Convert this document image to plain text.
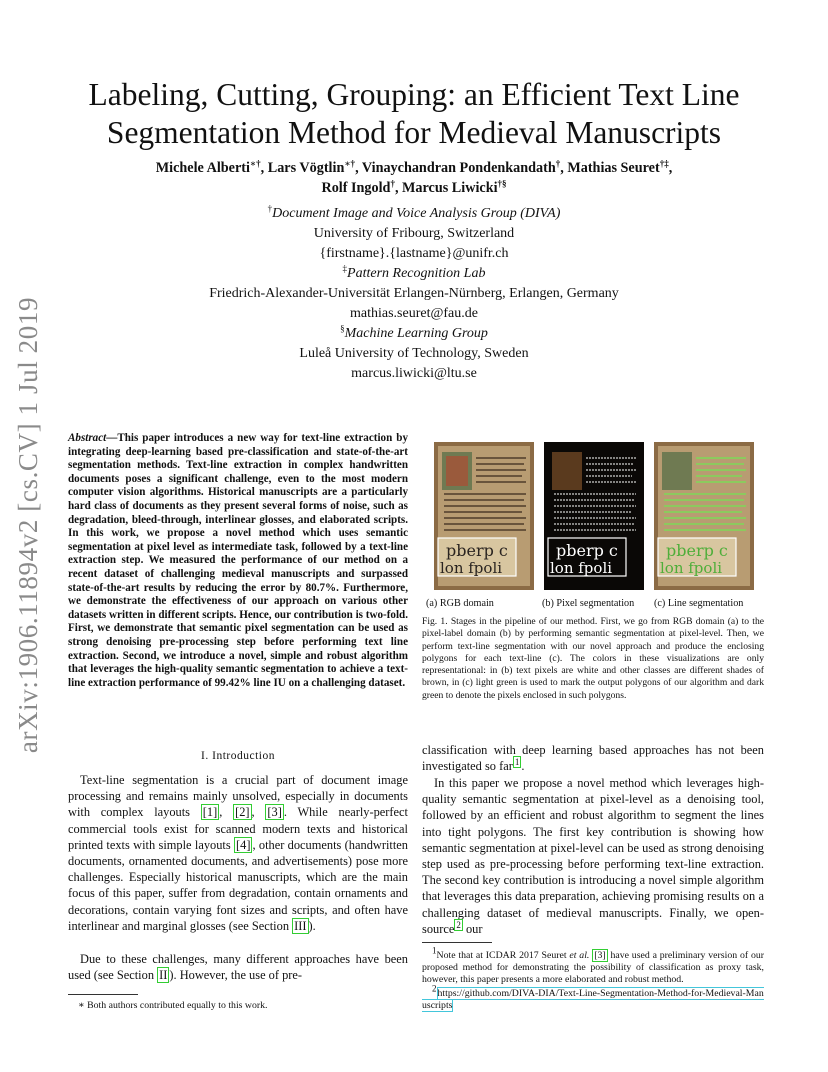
arXiv:1906.11894v2 [cs.CV] 1 Jul 2019
Labeling, Cutting, Grouping: an Efficient Text Line
Segmentation Method for Medieval Manuscripts
Michele Alberti∗†, Lars Vögtlin∗†, Vinaychandran Pondenkandath†, Mathias Seuret†‡,
Rolf Ingold†, Marcus Liwicki†§
†Document Image and Voice Analysis Group (DIVA)
University of Fribourg, Switzerland
{firstname}.{lastname}@unifr.ch
‡Pattern Recognition Lab
Friedrich-Alexander-Universität Erlangen-Nürnberg, Erlangen, Germany
mathias.seuret@fau.de
§Machine Learning Group
Luleå University of Technology, Sweden
marcus.liwicki@ltu.se
Abstract—This paper introduces a new way for text-line extraction by integrating deep-learning based pre-classification and state-of-the-art segmentation methods. Text-line extraction in complex handwritten documents poses a significant challenge, even to the most modern computer vision algorithms. Historical manuscripts are a particularly hard class of documents as they present several forms of noise, such as degradation, bleed-through, interlinear glosses, and elaborated scripts. In this work, we propose a novel method which uses semantic segmentation at pixel level as intermediate task, followed by a text-line extraction step. We measured the performance of our method on a recent dataset of challenging medieval manuscripts and surpassed state-of-the-art results by reducing the error by 80.7%. Furthermore, we demonstrate the effectiveness of our approach on various other datasets written in different scripts. Hence, our contribution is two-fold. First, we demonstrate that semantic pixel segmentation can be used as strong denoising pre-processing step before performing text line extraction. Second, we introduce a novel, simple and robust algorithm that leverages the high-quality semantic segmentation to achieve a text-line extraction performance of 99.42% line IU on a challenging dataset.
pberp c
lon fpoli
pberp c
lon fpoli
pberp c
lon fpoli
(a) RGB domain	(b) Pixel segmentation (c) Line segmentation
Fig. 1. Stages in the pipeline of our method. First, we go from RGB domain (a) to the pixel-label domain (b) by performing semantic segmentation at pixel-level. Then, we perform text-line segmentation with our novel approach and produce the enclosing polygons for each text-line (c). The colors in these visualizations are only representational: in (b) text pixels are white and other classes are different shades of brown, in (c) light green is used to mark the output polygons of our algorithm and dark green to denote the pixels enclosed in such polygons.
I. Introduction
Text-line segmentation is a crucial part of document image processing and remains mainly unsolved, especially in documents with complex layouts [1] , [2] , [3] . While nearly-perfect commercial tools exist for scanned modern texts and historical printed texts with simple layouts [4] , other documents (handwritten documents, ornamented documents, and advertisements) pose more challenges. Especially historical manuscripts, which are the main focus of this paper, suffer from degradation, contain ornaments and decorations, contain varying font sizes and scripts, and often have interlinear and marginal glosses (see Section III ).
Due to these challenges, many different approaches have been used (see Section II ). However, the use of pre-
∗ Both authors contributed equally to this work.
classification with deep learning based approaches has not been investigated so far $^1$ .
In this paper we propose a novel method which leverages high-quality semantic segmentation at pixel-level as a denoising tool, followed by an efficient and robust algorithm to segment the lines into tight polygons. The first key contribution is showing how semantic segmentation at pixel-level can be used as strong denoising step used as pre-processing before performing text-line extraction. The second key contribution is introducing a novel simple algorithm that leverages this data preparation, achieving promising results on a challenging dataset of medieval manuscripts. Finally, we open-source $^2$ our
$^1$Note that at ICDAR 2017 Seuret et al. [3] have used a preliminary version of our proposed method for demonstrating the possibility of classification as proxy task, however, this paper presents a more elaborated and robust method.
$^2$https://github.com/DIVA-DIA/Text-Line-Segmentation-Method-for-Medieval-Manuscripts
